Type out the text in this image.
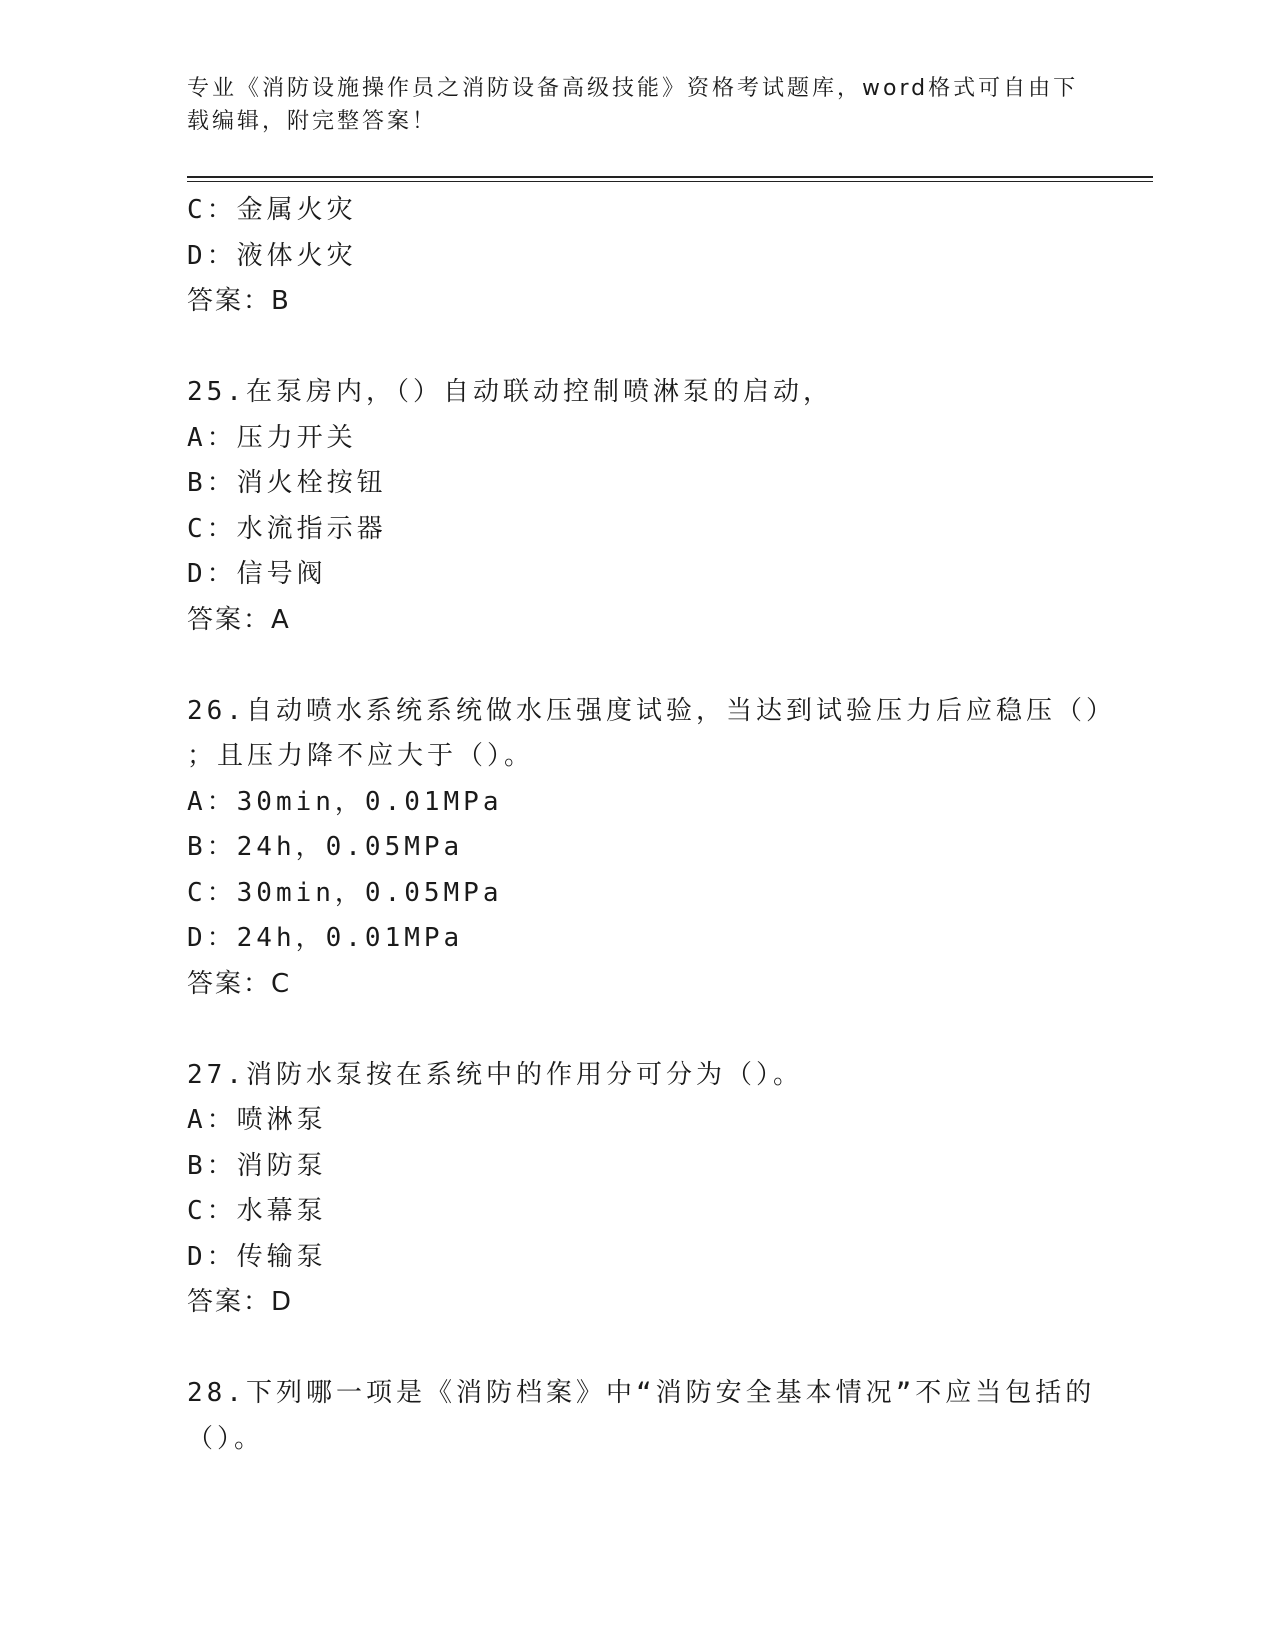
专业《消防设施操作员之消防设备高级技能》资格考试题库，word格式可自由下载编辑，附完整答案！
C：金属火灾
D：液体火灾
答案：B
25.在泵房内，（）自动联动控制喷淋泵的启动，
A：压力开关
B：消火栓按钮
C：水流指示器
D：信号阀
答案：A
26.自动喷水系统系统做水压强度试验，当达到试验压力后应稳压（）
；且压力降不应大于（）。
A：30min，0.01MPa
B：24h，0.05MPa
C：30min，0.05MPa
D：24h，0.01MPa
答案：C
27.消防水泵按在系统中的作用分可分为（）。
A：喷淋泵
B：消防泵
C：水幕泵
D：传输泵
答案：D
28.下列哪一项是《消防档案》中“消防安全基本情况”不应当包括的
（）。
